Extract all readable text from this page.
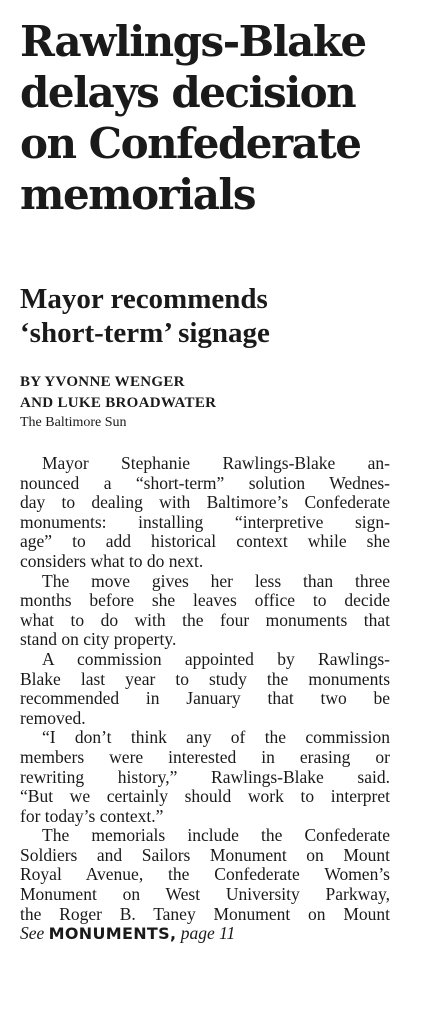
Rawlings-Blake
delays decision
on Confederate
memorials
Mayor recommends
‘short-term’ signage
BY YVONNE WENGER
AND LUKE BROADWATER
The Baltimore Sun
Mayor Stephanie Rawlings-Blake an-
nounced a “short-term” solution Wednes-
day to dealing with Baltimore’s Confederate
monuments: installing “interpretive sign-
age” to add historical context while she
considers what to do next.
The move gives her less than three
months before she leaves office to decide
what to do with the four monuments that
stand on city property.
A commission appointed by Rawlings-
Blake last year to study the monuments
recommended in January that two be
removed.
“I don’t think any of the commission
members were interested in erasing or
rewriting history,” Rawlings-Blake said.
“But we certainly should work to interpret
for today’s context.”
The memorials include the Confederate
Soldiers and Sailors Monument on Mount
Royal Avenue, the Confederate Women’s
Monument on West University Parkway,
the Roger B. Taney Monument on Mount
See MONUMENTS, page 11
